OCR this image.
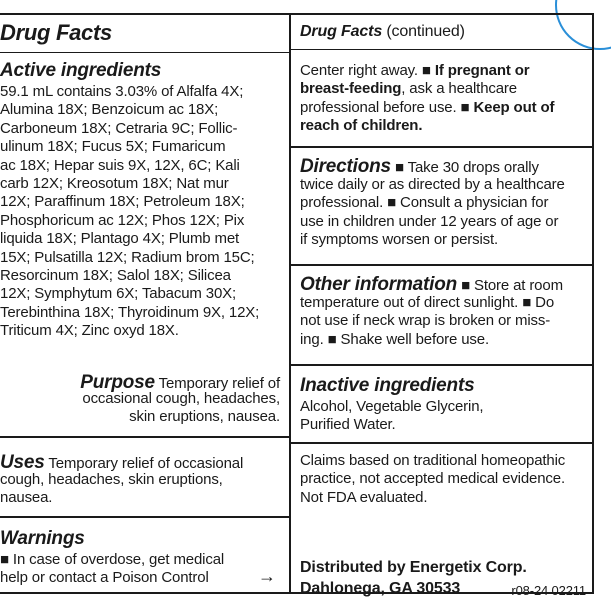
Drug Facts
Active ingredients
59.1 mL contains 3.03% of Alfalfa 4X;
Alumina 18X; Benzoicum ac 18X;
Carboneum 18X; Cetraria 9C; Follic-
ulinum 18X; Fucus 5X; Fumaricum
ac 18X; Hepar suis 9X, 12X, 6C; Kali
carb 12X; Kreosotum 18X; Nat mur
12X; Paraffinum 18X; Petroleum 18X;
Phosphoricum ac 12X; Phos 12X; Pix
liquida 18X; Plantago 4X; Plumb met
15X; Pulsatilla 12X; Radium brom 15C;
Resorcinum 18X; Salol 18X; Silicea
12X; Symphytum 6X; Tabacum 30X;
Terebinthina 18X; Thyroidinum 9X, 12X;
Triticum 4X; Zinc oxyd 18X.
Purpose Temporary relief of
occasional cough, headaches,
skin eruptions, nausea.
Uses Temporary relief of occasional
cough, headaches, skin eruptions,
nausea.
Warnings
■ In case of overdose, get medical
help or contact a Poison Control	→
Drug Facts (continued)
Center right away. ■ If pregnant or
breast-feeding, ask a healthcare
professional before use. ■ Keep out of
reach of children.
Directions ■ Take 30 drops orally
twice daily or as directed by a healthcare
professional. ■ Consult a physician for
use in children under 12 years of age or
if symptoms worsen or persist.
Other information ■ Store at room
temperature out of direct sunlight. ■ Do
not use if neck wrap is broken or miss-
ing. ■ Shake well before use.
Inactive ingredients
Alcohol, Vegetable Glycerin,
Purified Water.
Claims based on traditional homeopathic
practice, not accepted medical evidence.
Not FDA evaluated.
Distributed by Energetix Corp.
Dahlonega, GA 30533	r08-24 02211
